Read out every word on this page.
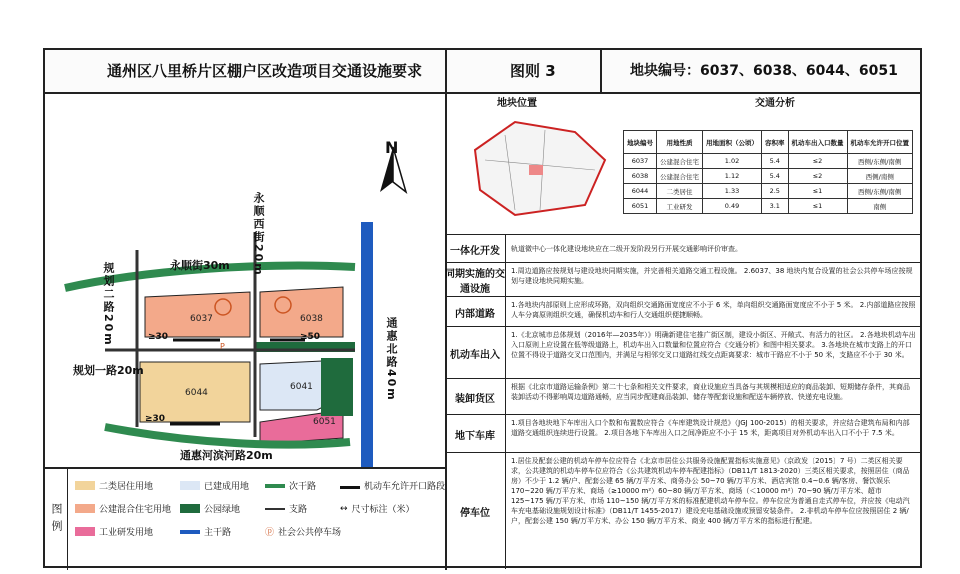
通州区八里桥片区棚户区改造项目交通设施要求	图则 3	地块编号：6037、6038、6044、6051
N
永顺街30m 永顺西街20m
规划二路20m
规划一路20m	通惠北路40m
通惠河滨河路20m
6037	6038
6044
6041
6051
P
≥30	≥50
≥30
图例
二类居住用地
公建混合住宅用地
工业研发用地
已建成用地
公园绿地
主干路
次干路
支路
机动车允许开口路段
↔ 尺寸标注（米）
ⓟ 社会公共停车场
地块位置	交通分析
地块编号	用地性质	用地面积（公顷）	容积率	机动车出入口数量	机动车允许开口位置
6037	公建混合住宅	1.02	5.4	≤2	西侧/东侧/南侧
6038	公建混合住宅	1.12	5.4	≤2	西侧/南侧
6044	二类居住	1.33	2.5	≤1	西侧/东侧/南侧
6051	工业研发	0.49	3.1	≤1	南侧
一体化开发	轨道微中心一体化建设地块应在二级开发阶段另行开展交通影响评价审查。
同期实施的交通设施
1.周边道路应按规划与建设地块同期实施，并完善相关道路交通工程设施。 2.6037、38 地块内复合设置的社会公共停车场应按规划与建设地块同期实施。
内部道路
1.各地块内部原则上应形成环路，双向组织交通路面宽度应不小于 6 米，单向组织交通路面宽度应不小于 5 米。 2.内部道路应按照人车分离原则组织交通，确保机动车和行人交通组织便捷顺畅。
机动车出入
1.《北京城市总体规划（2016年—2035年）》明确新建住宅推广街区制，建设小街区、开敞式、有活力的社区。 2.各地块机动车出入口原则上应设置在低等级道路上，机动车出入口数量和位置应符合《交通分析》和图中相关要求。 3.各地块在城市支路上的开口位置不得设于道路交叉口范围内，并满足与相邻交叉口道路红线交点距离要求：城市干路应不小于 50 米，支路应不小于 30 米。
装卸货区
根据《北京市道路运输条例》第二十七条和相关文件要求，商业设施应当具备与其规模相适应的商品装卸、短期储存条件，其商品装卸活动不得影响周边道路通畅，应当同步配建商品装卸、储存等配套设施和配送车辆停放、快递充电设施。
地下车库
1.项目各地块地下车库出入口个数和布置数应符合《车库建筑设计规范》（JGJ 100-2015）的相关要求，并应结合建筑布局和内部道路交通组织连续进行设置。 2.项目各地下车库出入口之间净距应不小于 15 米，距离项目对外机动车出入口不小于 7.5 米。
停车位
1.居住及配套公建的机动车停车位应符合《北京市居住公共服务设施配置指标实施意见》（京政发〔2015〕7 号）二类区相关要求，公共建筑的机动车停车位应符合《公共建筑机动车停车配建指标》（DB11/T 1813-2020）三类区相关要求，按照居住（商品房）不少于 1.2 辆/户、配套公建 65 辆/万平方米、商务办公 50~70 辆/万平方米、酒店宾馆 0.4~0.6 辆/客房、餐饮娱乐 170~220 辆/万平方米、商场（≥10000 m²）60~80 辆/万平方米、商场（＜10000 m²）70~90 辆/万平方米、超市 125~175 辆/万平方米、市场 110~150 辆/万平方米的标准配建机动车停车位。停车位应为普通自走式停车位，并应按《电动汽车充电基础设施规划设计标准》（DB11/T 1455-2017）建设充电基础设施或预留安装条件。 2.非机动车停车位应按照居住 2 辆/户，配套公建 150 辆/万平方米、办公 150 辆/万平方米、商业 400 辆/万平方米的指标进行配建。
